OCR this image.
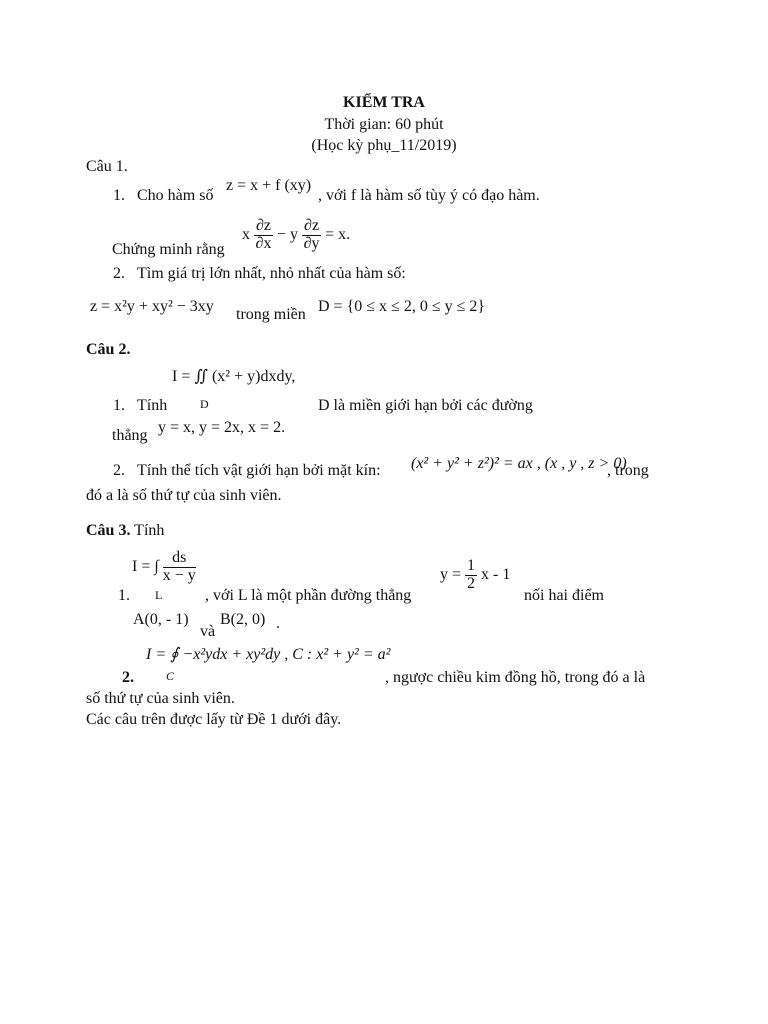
KIỂM TRA
Thời gian: 60 phút
(Học kỳ phụ_11/2019)
Câu 1.
1. Cho hàm số
z = x + f (xy)
, với f là hàm số tùy ý có đạo hàm.
Chứng minh rằng
x $\frac{\partial z}{\partial x} - y \frac{\partial z}{\partial y} = x$.
2. Tìm giá trị lớn nhất, nhỏ nhất của hàm số:
z = x²y + xy² − 3xy trong miền D = {0 ≤ x ≤ 2, 0 ≤ y ≤ 2}
Câu 2.
I = ∬ (x² + y)dxdy,
D
1. Tính	D là miền giới hạn bởi các đường
thẳng y = x, y = 2x, x = 2.
2. Tính thể tích vật giới hạn bởi mặt kín: (x² + y² + z²)² = ax , (x , y , z > 0)
, trong
đó a là số thứ tự của sinh viên.
Câu 3. Tính
I = ∫ $\frac{ds}{x - y}$
L
1.	, với L là một phần đường thẳng
$y = \frac{1}{2}$ x - 1
nối hai điểm
A(0, - 1)
và
B(2, 0) .
I = ∮ −x²ydx + xy²dy , C : x² + y² = a²
C
2.	, ngược chiều kim đồng hồ, trong đó a là
số thứ tự của sinh viên.
Các câu trên được lấy từ Đề 1 dưới đây.
